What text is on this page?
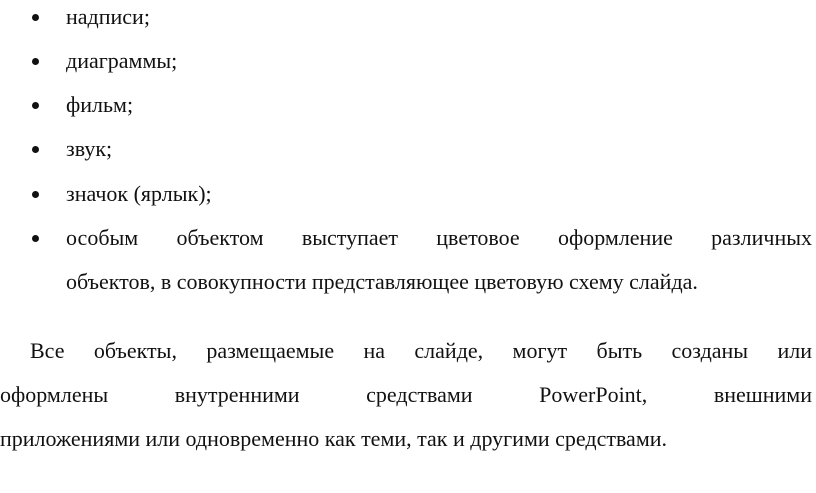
надписи;
диаграммы;
фильм;
звук;
значок (ярлык);
особым объектом выступает цветовое оформление различных
объектов, в совокупности представляющее цветовую схему слайда.
Все объекты, размещаемые на слайде, могут быть созданы или
оформлены внутренними средствами PowerPoint, внешними
приложениями или одновременно как теми, так и другими средствами.
